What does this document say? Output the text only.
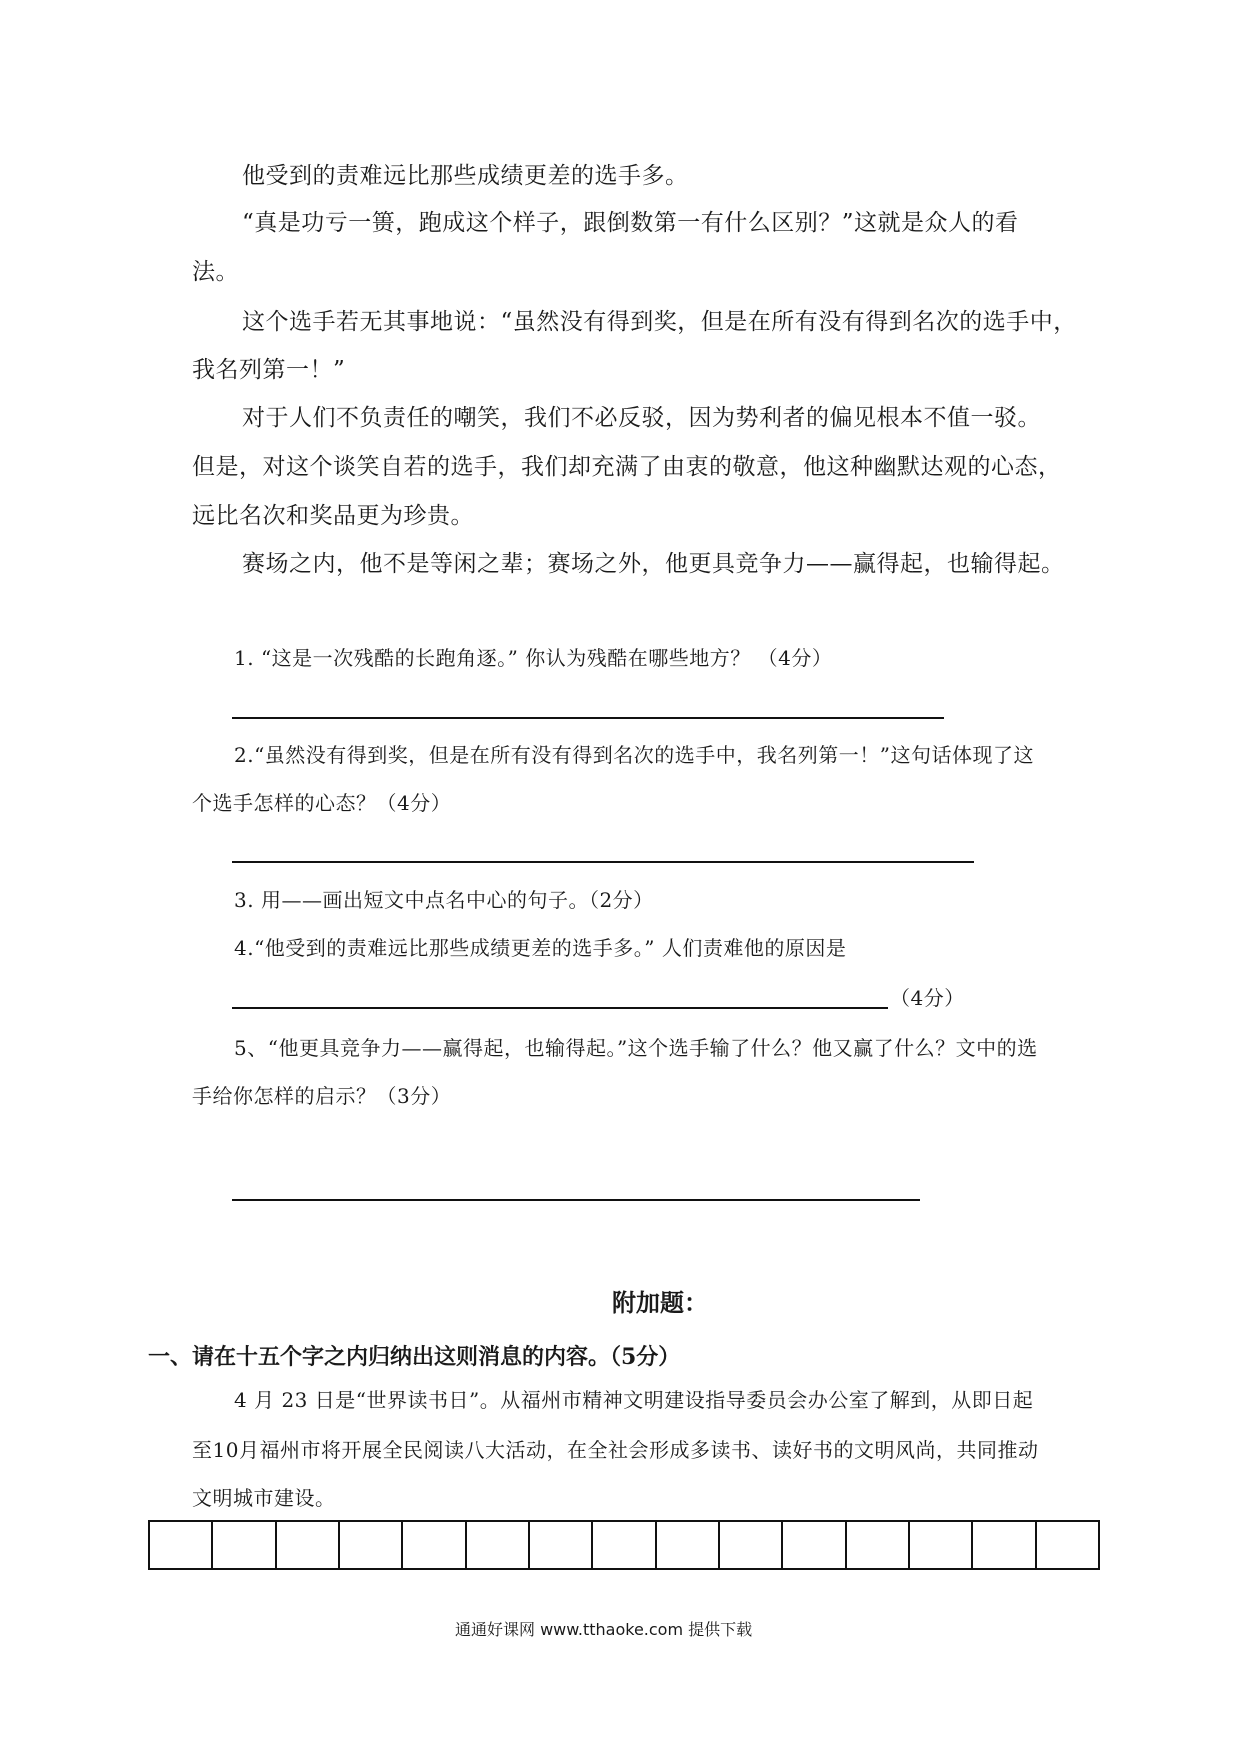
他受到的责难远比那些成绩更差的选手多。
“真是功亏一篑，跑成这个样子，跟倒数第一有什么区别？”这就是众人的看
法。
这个选手若无其事地说：“虽然没有得到奖，但是在所有没有得到名次的选手中，
我名列第一！”
对于人们不负责任的嘲笑，我们不必反驳，因为势利者的偏见根本不值一驳。
但是，对这个谈笑自若的选手，我们却充满了由衷的敬意，他这种幽默达观的心态，
远比名次和奖品更为珍贵。
赛场之内，他不是等闲之辈；赛场之外，他更具竞争力——赢得起，也输得起。
1. “这是一次残酷的长跑角逐。” 你认为残酷在哪些地方？ （4分）
2.“虽然没有得到奖，但是在所有没有得到名次的选手中，我名列第一！”这句话体现了这
个选手怎样的心态？（4分）
3. 用——画出短文中点名中心的句子。（2分）
4.“他受到的责难远比那些成绩更差的选手多。” 人们责难他的原因是
（4分）
5、“他更具竞争力——赢得起，也输得起。”这个选手输了什么？他又赢了什么？文中的选
手给你怎样的启示？（3分）
附加题：
一、请在十五个字之内归纳出这则消息的内容。（5分）
4 月 23 日是“世界读书日”。从福州市精神文明建设指导委员会办公室了解到，从即日起
至10月福州市将开展全民阅读八大活动，在全社会形成多读书、读好书的文明风尚，共同推动
文明城市建设。
通通好课网 www.tthaoke.com 提供下载
